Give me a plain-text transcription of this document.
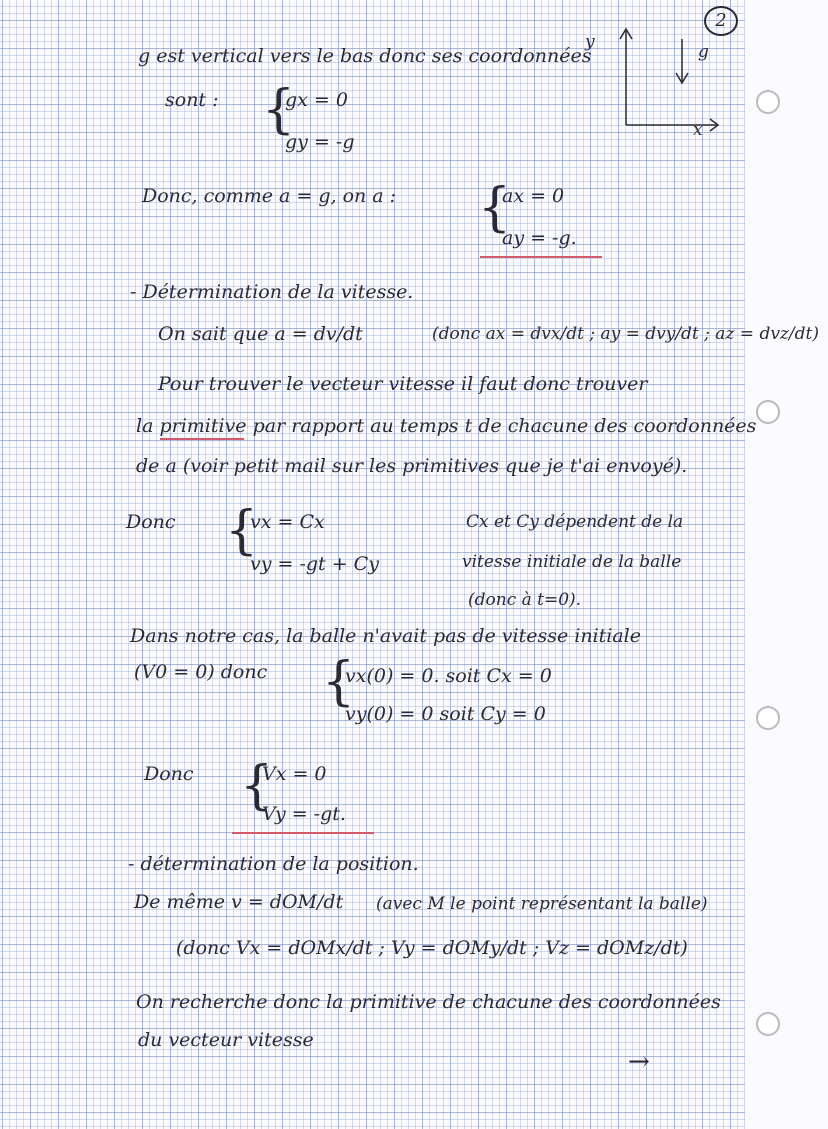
2
y
x
g
g est vertical vers le bas donc ses coordonnées
sont : {
gx = 0
gy = -g
Donc, comme a = g, on a : {
ax = 0
ay = -g.
- Détermination de la vitesse.
On sait que a = dv/dt	(donc ax = dvx/dt ; ay = dvy/dt ; az = dvz/dt)
Pour trouver le vecteur vitesse il faut donc trouver
la primitive par rapport au temps t de chacune des coordonnées
de a (voir petit mail sur les primitives que je t'ai envoyé).
Donc {
vx = Cx
vy = -gt + Cy
Cx et Cy dépendent de la
vitesse initiale de la balle
(donc à t=0).
Dans notre cas, la balle n'avait pas de vitesse initiale
(V0 = 0) donc {
vx(0) = 0. soit Cx = 0
vy(0) = 0 soit Cy = 0
Donc {
Vx = 0
Vy = -gt.
- détermination de la position.
De même v = dOM/dt (avec M le point représentant la balle)
(donc Vx = dOMx/dt ; Vy = dOMy/dt ; Vz = dOMz/dt)
On recherche donc la primitive de chacune des coordonnées
du vecteur vitesse
→
